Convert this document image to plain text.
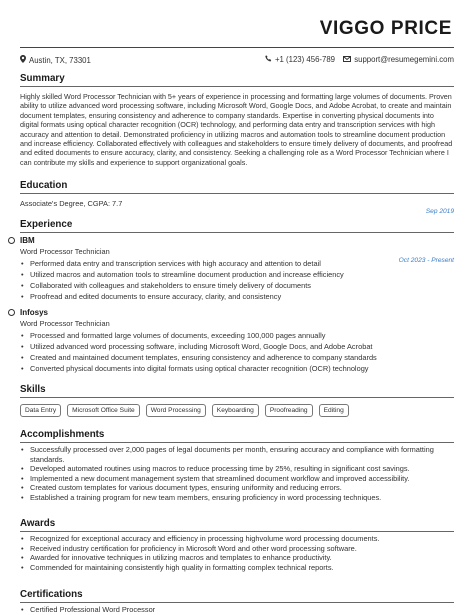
VIGGO PRICE
Austin, TX, 73301	+1 (123) 456-789
support@resumegemini.com
Summary
Highly skilled Word Processor Technician with 5+ years of experience in processing and formatting large volumes of documents. Proven ability to utilize advanced word processing software, including Microsoft Word, Google Docs, and Adobe Acrobat, to create and maintain document templates, ensuring consistency and adherence to company standards. Expertise in converting physical documents into digital formats using optical character recognition (OCR) technology, and performing data entry and transcription services with high accuracy and attention to detail. Demonstrated proficiency in utilizing macros and automation tools to streamline document production and increase efficiency. Collaborated effectively with colleagues and stakeholders to ensure timely delivery of documents, and proofread and edited documents to ensure accuracy, clarity, and consistency. Seeking a challenging role as a Word Processor Technician where I can contribute my skills and experience to support organizational goals.
Education
Associate's Degree, CGPA: 7.7
Sep 2019
Experience
IBM
Word Processor Technician
Oct 2023 - Present
• Performed data entry and transcription services with high accuracy and attention to detail
• Utilized macros and automation tools to streamline document production and increase efficiency
• Collaborated with colleagues and stakeholders to ensure timely delivery of documents
• Proofread and edited documents to ensure accuracy, clarity, and consistency
Infosys
Word Processor Technician
• Processed and formatted large volumes of documents, exceeding 100,000 pages annually
• Utilized advanced word processing software, including Microsoft Word, Google Docs, and Adobe Acrobat
• Created and maintained document templates, ensuring consistency and adherence to company standards
• Converted physical documents into digital formats using optical character recognition (OCR) technology
Skills
Data Entry	Microsoft Office Suite	Word Processing	Keyboarding	Proofreading	Editing
Accomplishments
• Successfully processed over 2,000 pages of legal documents per month, ensuring accuracy and compliance with formatting standards.
• Developed automated routines using macros to reduce processing time by 25%, resulting in significant cost savings.
• Implemented a new document management system that streamlined document workflow and improved accessibility.
• Created custom templates for various document types, ensuring uniformity and reducing errors.
• Established a training program for new team members, ensuring proficiency in word processing techniques.
Awards
• Recognized for exceptional accuracy and efficiency in processing highvolume word processing documents.
• Received industry certification for proficiency in Microsoft Word and other word processing software.
• Awarded for innovative techniques in utilizing macros and templates to enhance productivity.
• Commended for maintaining consistently high quality in formatting complex technical reports.
Certifications
• Certified Professional Word Processor
